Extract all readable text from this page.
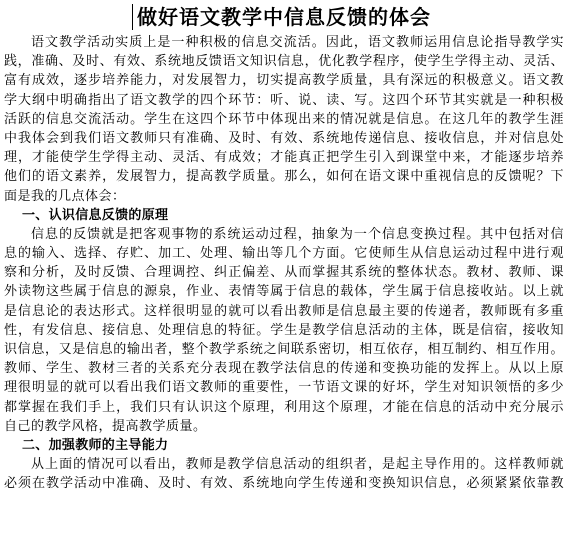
做好语文教学中信息反馈的体会
语文教学活动实质上是一种积极的信息交流活。因此，语文教师运用信息论指导教学实
践，准确、及时、有效、系统地反馈语文知识信息，优化教学程序，使学生学得主动、灵活、
富有成效，逐步培养能力，对发展智力，切实提高教学质量，具有深远的积极意义。语文教
学大纲中明确指出了语文教学的四个环节：听、说、读、写。这四个环节其实就是一种积极
活跃的信息交流活动。学生在这四个环节中体现出来的情况就是信息。在这几年的教学生涯
中我体会到我们语文教师只有准确、及时、有效、系统地传递信息、接收信息，并对信息处
理，才能使学生学得主动、灵活、有成效；才能真正把学生引入到课堂中来，才能逐步培养
他们的语文素养，发展智力，提高教学质量。那么，如何在语文课中重视信息的反馈呢？下
面是我的几点体会：
一、认识信息反馈的原理
信息的反馈就是把客观事物的系统运动过程，抽象为一个信息变换过程。其中包括对信
息的输入、选择、存贮、加工、处理、输出等几个方面。它使师生从信息运动过程中进行观
察和分析，及时反馈、合理调控、纠正偏差、从而掌握其系统的整体状态。教材、教师、课
外读物这些属于信息的源泉，作业、表情等属于信息的载体，学生属于信息接收站。以上就
是信息论的表达形式。这样很明显的就可以看出教师是信息最主要的传递者，教师既有多重
性，有发信息、接信息、处理信息的特征。学生是教学信息活动的主体，既是信宿，接收知
识信息，又是信息的输出者，整个教学系统之间联系密切，相互依存，相互制约、相互作用。
教师、学生、教材三者的关系充分表现在教学法信息的传递和变换功能的发挥上。从以上原
理很明显的就可以看出我们语文教师的重要性，一节语文课的好坏，学生对知识领悟的多少
都掌握在我们手上，我们只有认识这个原理，利用这个原理，才能在信息的活动中充分展示
自己的教学风格，提高教学质量。
二、加强教师的主导能力
从上面的情况可以看出，教师是教学信息活动的组织者，是起主导作用的。这样教师就
必须在教学活动中准确、及时、有效、系统地向学生传递和变换知识信息，必须紧紧依靠教
